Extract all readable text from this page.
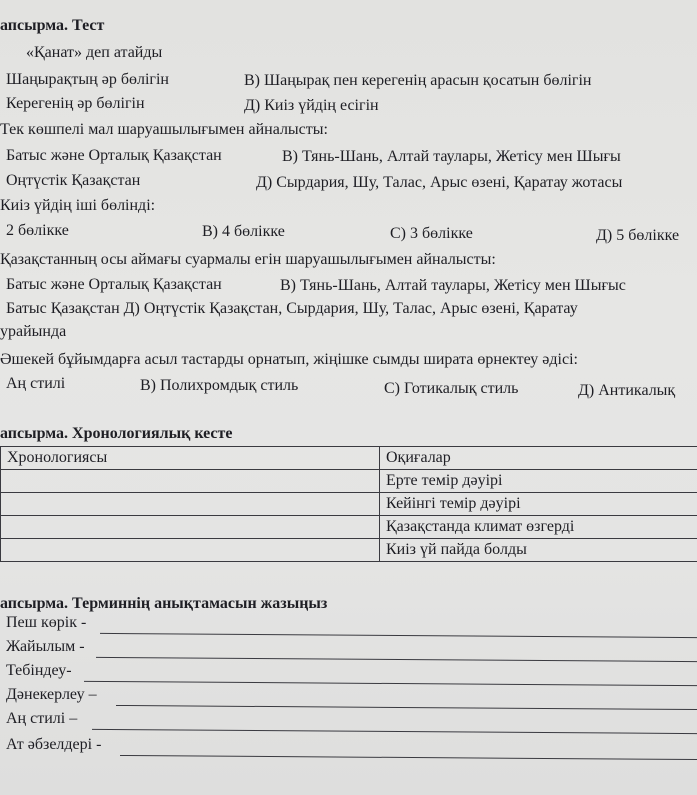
апсырма. Тест
«Қанат» деп атайды
Шаңырақтың әр бөлігін	В) Шаңырақ пен керегенің арасын қосатын бөлігін
Керегенің әр бөлігін	Д) Киіз үйдің есігін
Тек көшпелі мал шаруашылығымен айналысты:
Батыс және Орталық Қазақстан	В) Тянь-Шань, Алтай таулары, Жетісу мен Шығы
Оңтүстік Қазақстан	Д) Сырдария, Шу, Талас, Арыс өзені, Қаратау жотасы
Киіз үйдің іші бөлінді:
2 бөлікке	В) 4 бөлікке	С) 3 бөлікке	Д) 5 бөлікке
Қазақстанның осы аймағы суармалы егін шаруашылығымен айналысты:
Батыс және Орталық Қазақстан	В) Тянь-Шань, Алтай таулары, Жетісу мен Шығыс
Батыс Қазақстан Д) Оңтүстік Қазақстан, Сырдария, Шу, Талас, Арыс өзені, Қаратау
урайында
Әшекей бұйымдарға асыл тастарды орнатып, жіңішке сымды ширата өрнектеу әдісі:
Аң стилі	В) Полихромдық стиль	С) Готикалық стиль	Д) Антикалық
апсырма. Хронологиялық кесте
Хронологиясы	Оқиғалар
	Ерте темір дәуірі
	Кейінгі темір дәуірі
	Қазақстанда климат өзгерді
	Киіз үй пайда болды
апсырма. Терминнің анықтамасын жазыңыз
Пеш көрік -
Жайылым -
Тебіндеу-
Дәнекерлеу –
Аң стилі –
Ат әбзелдері -
